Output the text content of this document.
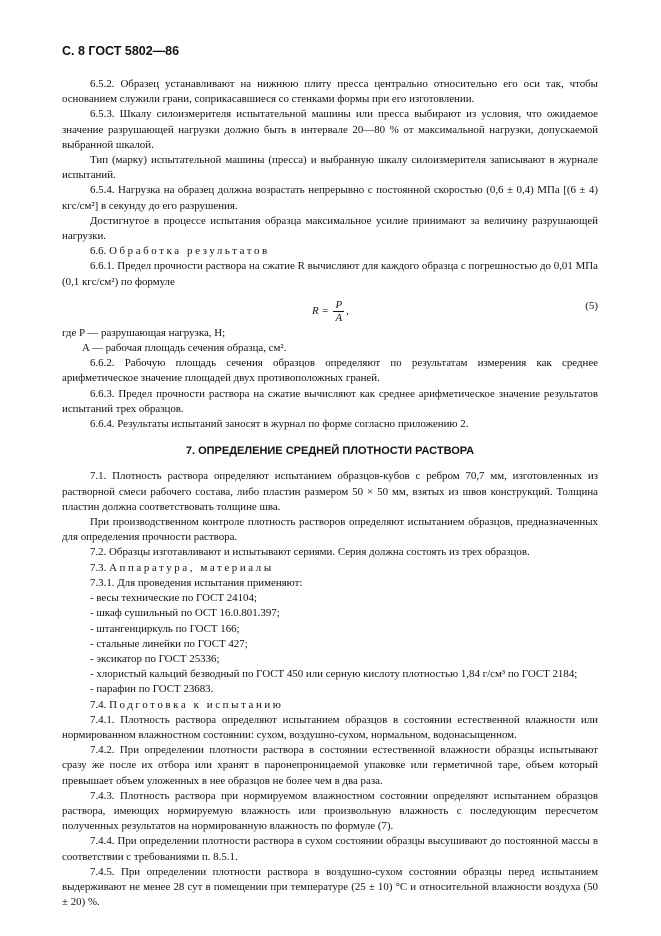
С. 8 ГОСТ 5802—86

6.5.2. Образец устанавливают на нижнюю плиту пресса центрально относительно его оси так, чтобы основанием служили грани, соприкасавшиеся со стенками формы при его изготовлении.

6.5.3. Шкалу силоизмерителя испытательной машины или пресса выбирают из условия, что ожидаемое значение разрушающей нагрузки должно быть в интервале 20—80 % от максимальной нагрузки, допускаемой выбранной шкалой.

Тип (марку) испытательной машины (пресса) и выбранную шкалу силоизмерителя записывают в журнале испытаний.

6.5.4. Нагрузка на образец должна возрастать непрерывно с постоянной скоростью (0,6 ± 0,4) МПа [(6 ± 4) кгс/см²] в секунду до его разрушения.

Достигнутое в процессе испытания образца максимальное усилие принимают за величину разрушающей нагрузки.

6.6. Обработка результатов

6.6.1. Предел прочности раствора на сжатие R вычисляют для каждого образца с погрешностью до 0,01 МПа (0,1 кгс/см²) по формуле

$R = \frac{P}{A}$ ,	(5)

где P — разрушающая нагрузка, Н;

A — рабочая площадь сечения образца, см².

6.6.2. Рабочую площадь сечения образцов определяют по результатам измерения как среднее арифметическое значение площадей двух противоположных граней.

6.6.3. Предел прочности раствора на сжатие вычисляют как среднее арифметическое значение результатов испытаний трех образцов.

6.6.4. Результаты испытаний заносят в журнал по форме согласно приложению 2.

7. ОПРЕДЕЛЕНИЕ СРЕДНЕЙ ПЛОТНОСТИ РАСТВОРА

7.1. Плотность раствора определяют испытанием образцов-кубов с ребром 70,7 мм, изготовленных из растворной смеси рабочего состава, либо пластин размером 50 × 50 мм, взятых из швов конструкций. Толщина пластин должна соответствовать толщине шва.

При производственном контроле плотность растворов определяют испытанием образцов, предназначенных для определения прочности раствора.

7.2. Образцы изготавливают и испытывают сериями. Серия должна состоять из трех образцов.

7.3. Аппаратура, материалы

7.3.1. Для проведения испытания применяют:

- весы технические по ГОСТ 24104;

- шкаф сушильный по ОСТ 16.0.801.397;

- штангенциркуль по ГОСТ 166;

- стальные линейки по ГОСТ 427;

- эксикатор по ГОСТ 25336;

- хлористый кальций безводный по ГОСТ 450 или серную кислоту плотностью 1,84 г/см³ по ГОСТ 2184;

- парафин по ГОСТ 23683.

7.4. Подготовка к испытанию

7.4.1. Плотность раствора определяют испытанием образцов в состоянии естественной влажности или нормированном влажностном состоянии: сухом, воздушно-сухом, нормальном, водонасыщенном.

7.4.2. При определении плотности раствора в состоянии естественной влажности образцы испытывают сразу же после их отбора или хранят в паронепроницаемой упаковке или герметичной таре, объем который превышает объем уложенных в нее образцов не более чем в два раза.

7.4.3. Плотность раствора при нормируемом влажностном состоянии определяют испытанием образцов раствора, имеющих нормируемую влажность или произвольную влажность с последующим пересчетом полученных результатов на нормированную влажность по формуле (7).

7.4.4. При определении плотности раствора в сухом состоянии образцы высушивают до постоянной массы в соответствии с требованиями п. 8.5.1.

7.4.5. При определении плотности раствора в воздушно-сухом состоянии образцы перед испытанием выдерживают не менее 28 сут в помещении при температуре (25 ± 10) °С и относительной влажности воздуха (50 ± 20) %.
